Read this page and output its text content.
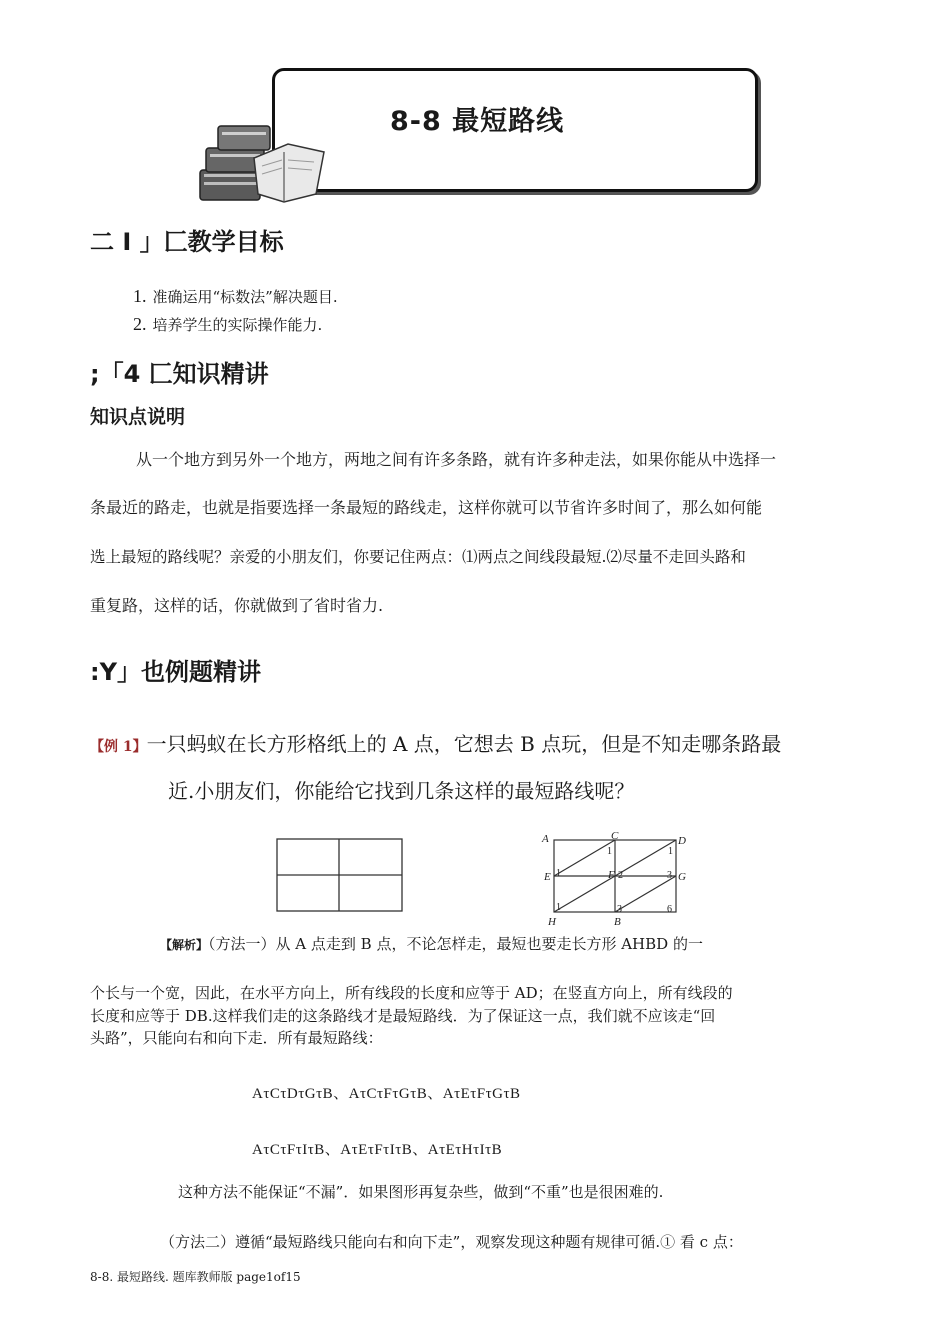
8-8 最短路线
二 I 」匚教学目标
1. 准确运用“标数法”解决题目.
2. 培养学生的实际操作能力.
;「4 匚知识精讲
知识点说明
从一个地方到另外一个地方，两地之间有许多条路，就有许多种走法，如果你能从中选择一
条最近的路走，也就是指要选择一条最短的路线走，这样你就可以节省许多时间了，那么如何能
选上最短的路线呢？亲爱的小朋友们，你要记住两点：⑴两点之间线段最短.⑵尽量不走回头路和
重复路，这样的话，你就做到了省时省力.
:Y」也例题精讲
【例 1】一只蚂蚁在长方形格纸上的 A 点，它想去 B 点玩，但是不知走哪条路最
近.小朋友们，你能给它找到几条这样的最短路线呢？
A	C	D
E	F	G
H	B
1	1
1	2	3
1	3	6
【解析】（方法一）从 A 点走到 B 点，不论怎样走，最短也要走长方形 AHBD 的一
个长与一个宽，因此，在水平方向上，所有线段的长度和应等于 AD；在竖直方向上，所有线段的
长度和应等于 DB.这样我们走的这条路线才是最短路线．为了保证这一点，我们就不应该走“回
头路”，只能向右和向下走．所有最短路线：
AτCτDτGτB、AτCτFτGτB、AτEτFτGτB
AτCτFτIτB、AτEτFτIτB、AτEτHτIτB
这种方法不能保证“不漏”．如果图形再复杂些，做到“不重”也是很困难的.
（方法二）遵循“最短路线只能向右和向下走”，观察发现这种题有规律可循.① 看 c 点：
8-8. 最短路线. 题库教师版 page1of15
